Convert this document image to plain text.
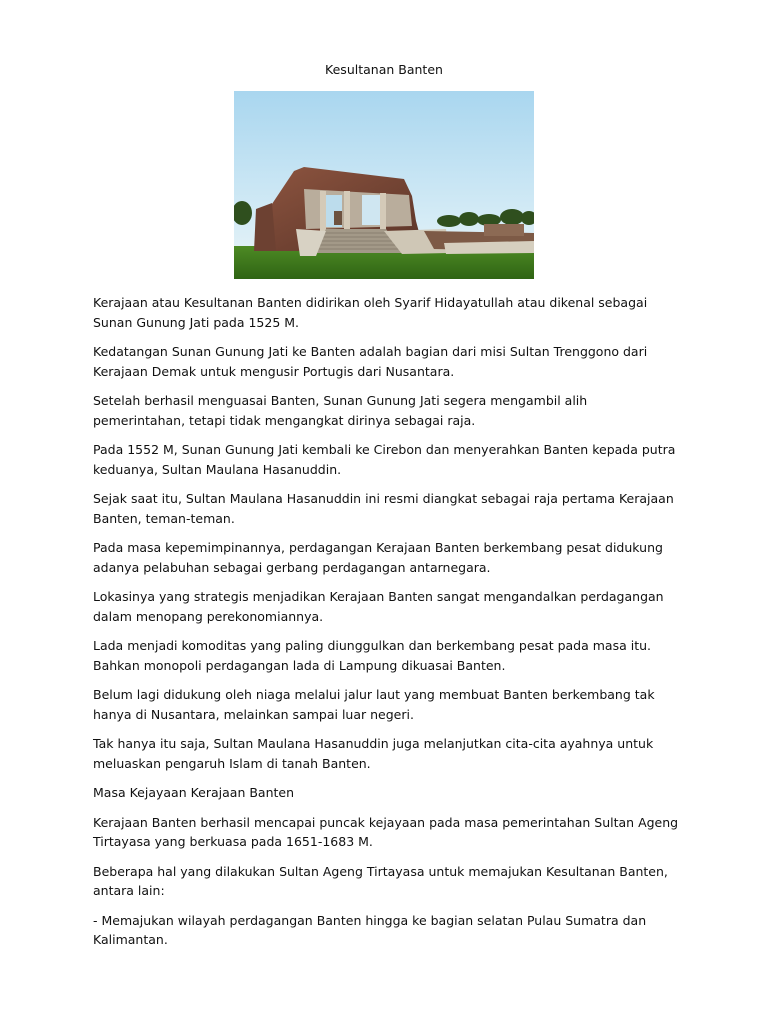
Kesultanan Banten

Kerajaan atau Kesultanan Banten didirikan oleh Syarif Hidayatullah atau dikenal sebagai Sunan Gunung Jati pada 1525 M.

Kedatangan Sunan Gunung Jati ke Banten adalah bagian dari misi Sultan Trenggono dari Kerajaan Demak untuk mengusir Portugis dari Nusantara.

Setelah berhasil menguasai Banten, Sunan Gunung Jati segera mengambil alih pemerintahan, tetapi tidak mengangkat dirinya sebagai raja.

Pada 1552 M, Sunan Gunung Jati kembali ke Cirebon dan menyerahkan Banten kepada putra keduanya, Sultan Maulana Hasanuddin.

Sejak saat itu, Sultan Maulana Hasanuddin ini resmi diangkat sebagai raja pertama Kerajaan Banten, teman-teman.

Pada masa kepemimpinannya, perdagangan Kerajaan Banten berkembang pesat didukung adanya pelabuhan sebagai gerbang perdagangan antarnegara.

Lokasinya yang strategis menjadikan Kerajaan Banten sangat mengandalkan perdagangan dalam menopang perekonomiannya.

Lada menjadi komoditas yang paling diunggulkan dan berkembang pesat pada masa itu. Bahkan monopoli perdagangan lada di Lampung dikuasai Banten.

Belum lagi didukung oleh niaga melalui jalur laut yang membuat Banten berkembang tak hanya di Nusantara, melainkan sampai luar negeri.

Tak hanya itu saja, Sultan Maulana Hasanuddin juga melanjutkan cita-cita ayahnya untuk meluaskan pengaruh Islam di tanah Banten.

Masa Kejayaan Kerajaan Banten

Kerajaan Banten berhasil mencapai puncak kejayaan pada masa pemerintahan Sultan Ageng Tirtayasa yang berkuasa pada 1651-1683 M.

Beberapa hal yang dilakukan Sultan Ageng Tirtayasa untuk memajukan Kesultanan Banten, antara lain:

- Memajukan wilayah perdagangan Banten hingga ke bagian selatan Pulau Sumatra dan Kalimantan.
